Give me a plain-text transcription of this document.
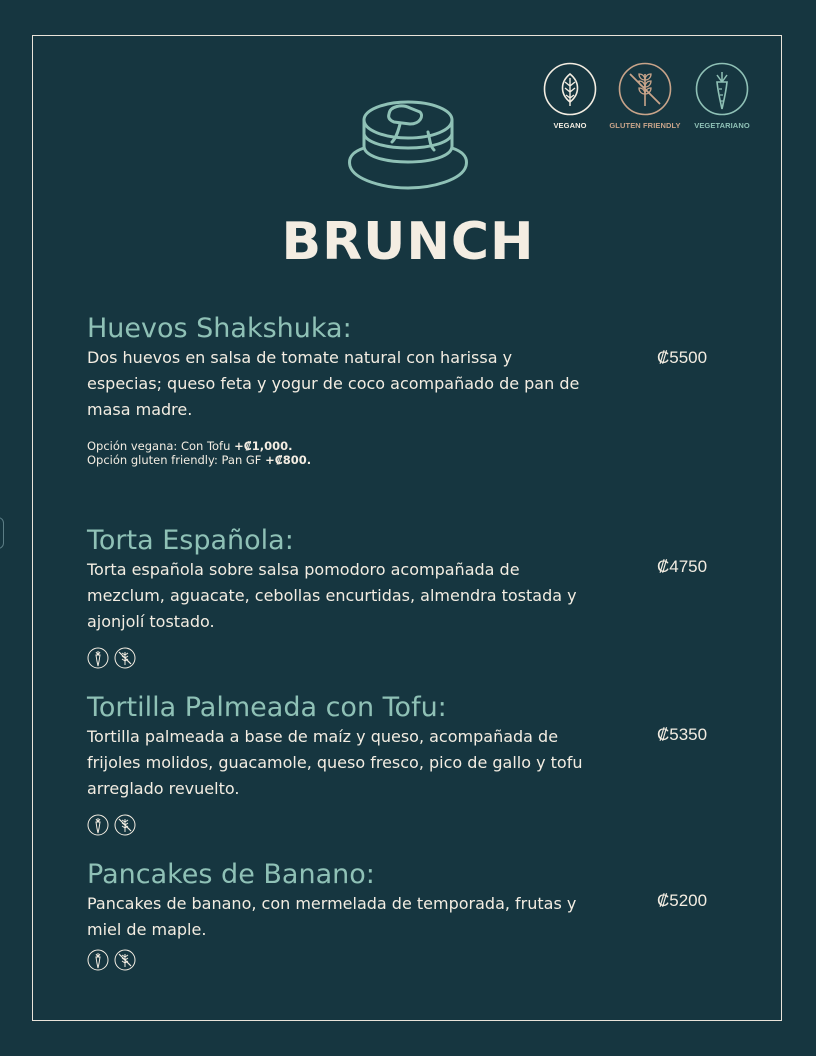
VEGANO	GLUTEN FRIENDLY	VEGETARIANO
BRUNCH
Huevos Shakshuka:

Dos huevos en salsa de tomate natural con harissa y especias; queso feta y yogur de coco acompañado de pan de masa madre.

₡5500
Opción vegana: Con Tofu +₡1,000.
Opción gluten friendly: Pan GF +₡800.
Torta Española:

Torta española sobre salsa pomodoro acompañada de mezclum, aguacate, cebollas encurtidas, almendra tostada y ajonjolí tostado.

₡4750
Tortilla Palmeada con Tofu:

Tortilla palmeada a base de maíz y queso, acompañada de frijoles molidos, guacamole, queso fresco, pico de gallo y tofu arreglado revuelto.

₡5350
Pancakes de Banano:

Pancakes de banano, con mermelada de temporada, frutas y miel de maple.

₡5200
